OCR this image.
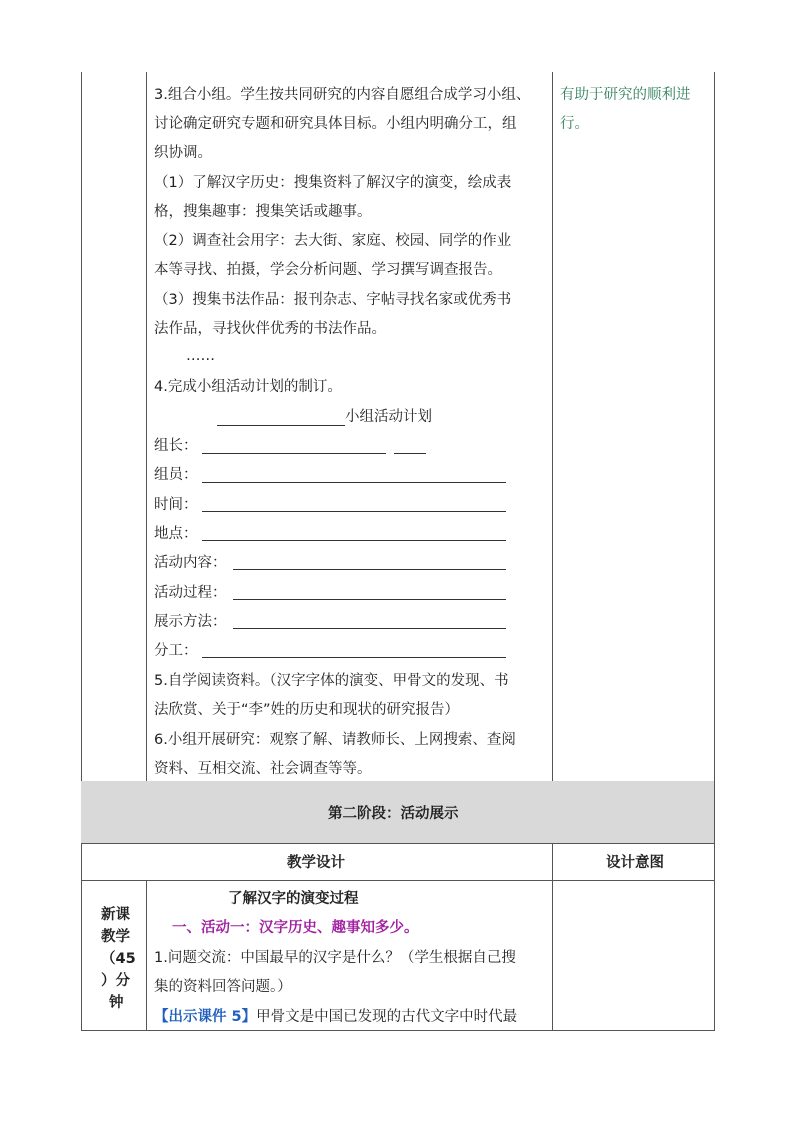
3.组合小组。学生按共同研究的内容自愿组合成学习小组、
讨论确定研究专题和研究具体目标。小组内明确分工，组
织协调。
（1）了解汉字历史：搜集资料了解汉字的演变，绘成表
格，搜集趣事：搜集笑话或趣事。
（2）调查社会用字：去大街、家庭、校园、同学的作业
本等寻找、拍摄，学会分析问题、学习撰写调查报告。
（3）搜集书法作品：报刊杂志、字帖寻找名家或优秀书
法作品，寻找伙伴优秀的书法作品。
……
4.完成小组活动计划的制订。
小组活动计划
组长：
组员：
时间：
地点：
活动内容：
活动过程：
展示方法：
分工：
5.自学阅读资料。（汉字字体的演变、甲骨文的发现、书
法欣赏、关于“李”姓的历史和现状的研究报告）
6.小组开展研究：观察了解、请教师长、上网搜索、查阅
资料、互相交流、社会调查等等。
有助于研究的顺利进
行。
第二阶段：活动展示
教学设计	设计意图
新课
教学
（45
）分
钟
了解汉字的演变过程
一、活动一：汉字历史、趣事知多少。
1.问题交流：中国最早的汉字是什么？（学生根据自己搜
集的资料回答问题。）
【出示课件 5】甲骨文是中国已发现的古代文字中时代最
